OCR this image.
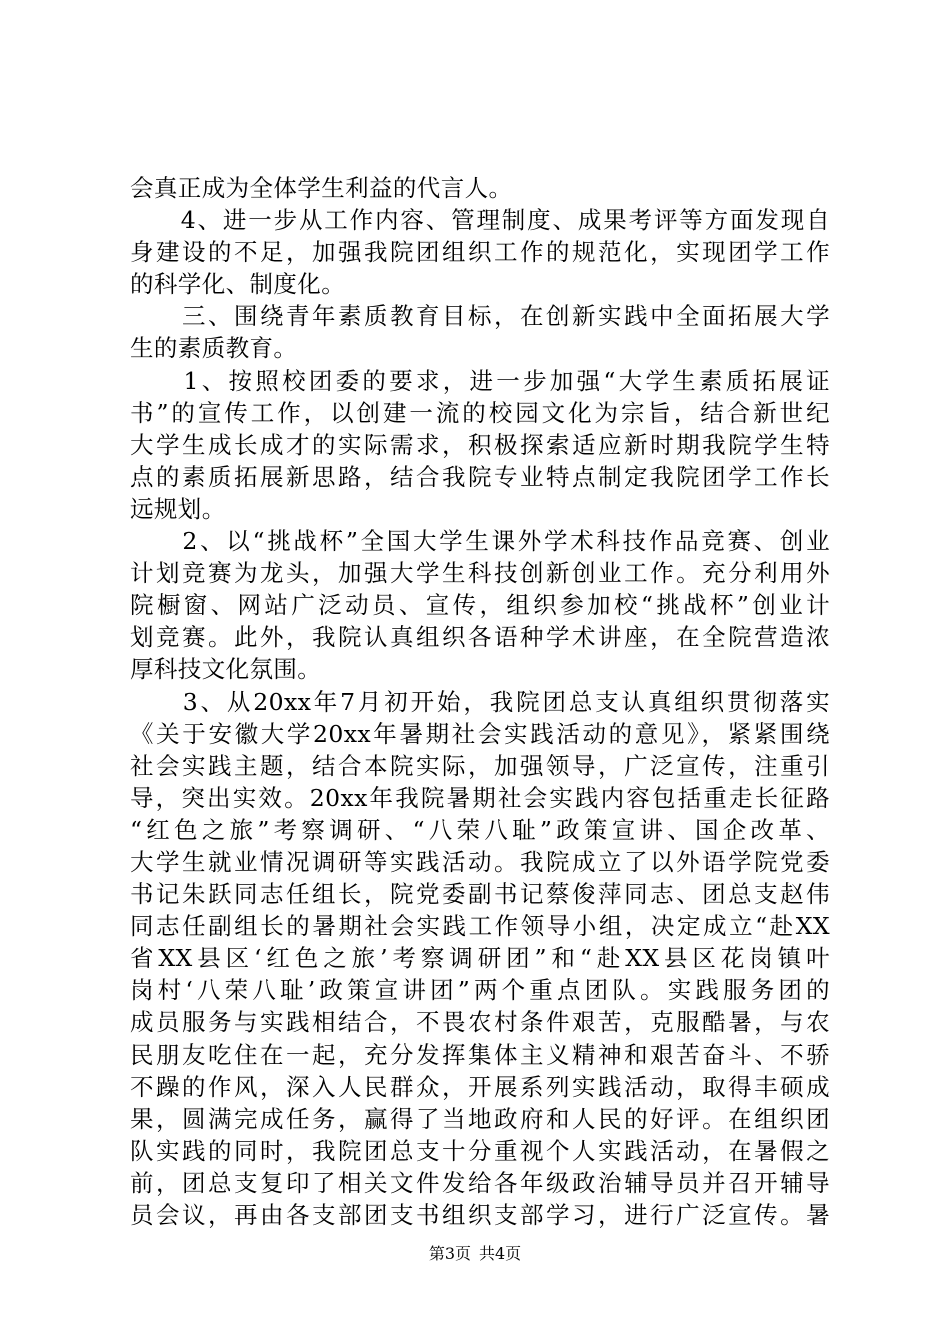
会真正成为全体学生利益的代言人。
　　4、进一步从工作内容、管理制度、成果考评等方面发现自
身建设的不足，加强我院团组织工作的规范化，实现团学工作
的科学化、制度化。
　　三、围绕青年素质教育目标，在创新实践中全面拓展大学
生的素质教育。
　　1、按照校团委的要求，进一步加强“大学生素质拓展证
书”的宣传工作，以创建一流的校园文化为宗旨，结合新世纪
大学生成长成才的实际需求，积极探索适应新时期我院学生特
点的素质拓展新思路，结合我院专业特点制定我院团学工作长
远规划。
　　2、以“挑战杯”全国大学生课外学术科技作品竞赛、创业
计划竞赛为龙头，加强大学生科技创新创业工作。充分利用外
院橱窗、网站广泛动员、宣传，组织参加校“挑战杯”创业计
划竞赛。此外，我院认真组织各语种学术讲座，在全院营造浓
厚科技文化氛围。
　　3、从20xx年7月初开始，我院团总支认真组织贯彻落实
《关于安徽大学20xx年暑期社会实践活动的意见》，紧紧围绕
社会实践主题，结合本院实际，加强领导，广泛宣传，注重引
导，突出实效。20xx年我院暑期社会实践内容包括重走长征路
“红色之旅”考察调研、“八荣八耻”政策宣讲、国企改革、
大学生就业情况调研等实践活动。我院成立了以外语学院党委
书记朱跃同志任组长，院党委副书记蔡俊萍同志、团总支赵伟
同志任副组长的暑期社会实践工作领导小组，决定成立“赴XX
省XX县区‘红色之旅’考察调研团”和“赴XX县区花岗镇叶
岗村‘八荣八耻’政策宣讲团”两个重点团队。实践服务团的
成员服务与实践相结合，不畏农村条件艰苦，克服酷暑，与农
民朋友吃住在一起，充分发挥集体主义精神和艰苦奋斗、不骄
不躁的作风，深入人民群众，开展系列实践活动，取得丰硕成
果，圆满完成任务，赢得了当地政府和人民的好评。在组织团
队实践的同时，我院团总支十分重视个人实践活动，在暑假之
前，团总支复印了相关文件发给各年级政治辅导员并召开辅导
员会议，再由各支部团支书组织支部学习，进行广泛宣传。暑
第3页 共4页
